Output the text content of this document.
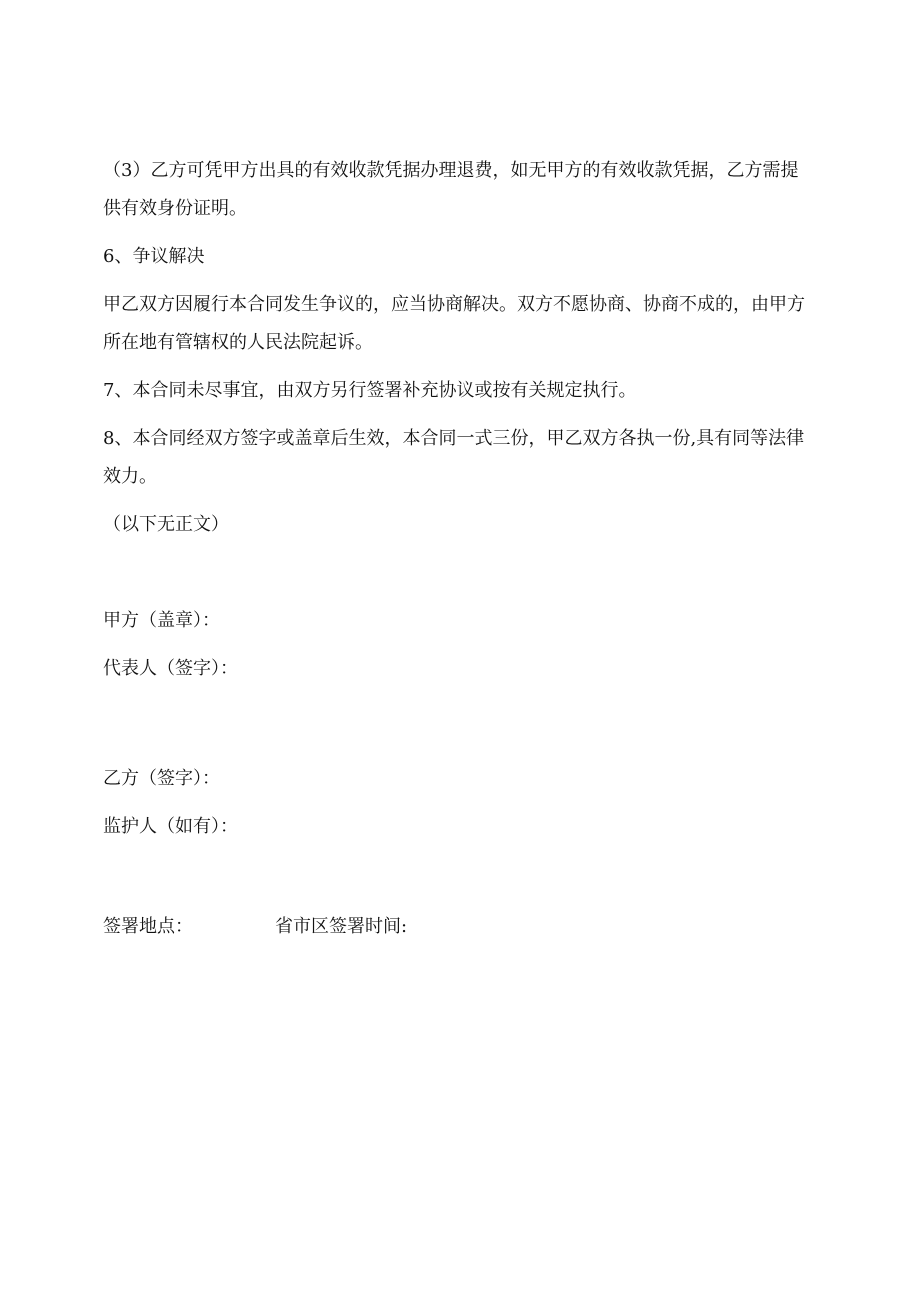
（3）乙方可凭甲方出具的有效收款凭据办理退费，如无甲方的有效收款凭据，乙方需提供有效身份证明。

6、争议解决

甲乙双方因履行本合同发生争议的，应当协商解决。双方不愿协商、协商不成的，由甲方所在地有管辖权的人民法院起诉。

7、本合同未尽事宜，由双方另行签署补充协议或按有关规定执行。

8、本合同经双方签字或盖章后生效，本合同一式三份，甲乙双方各执一份,具有同等法律效力。

（以下无正文）

甲方（盖章）：
代表人（签字）：
乙方（签字）：
监护人（如有）：
签署地点：	省市区签署时间:
